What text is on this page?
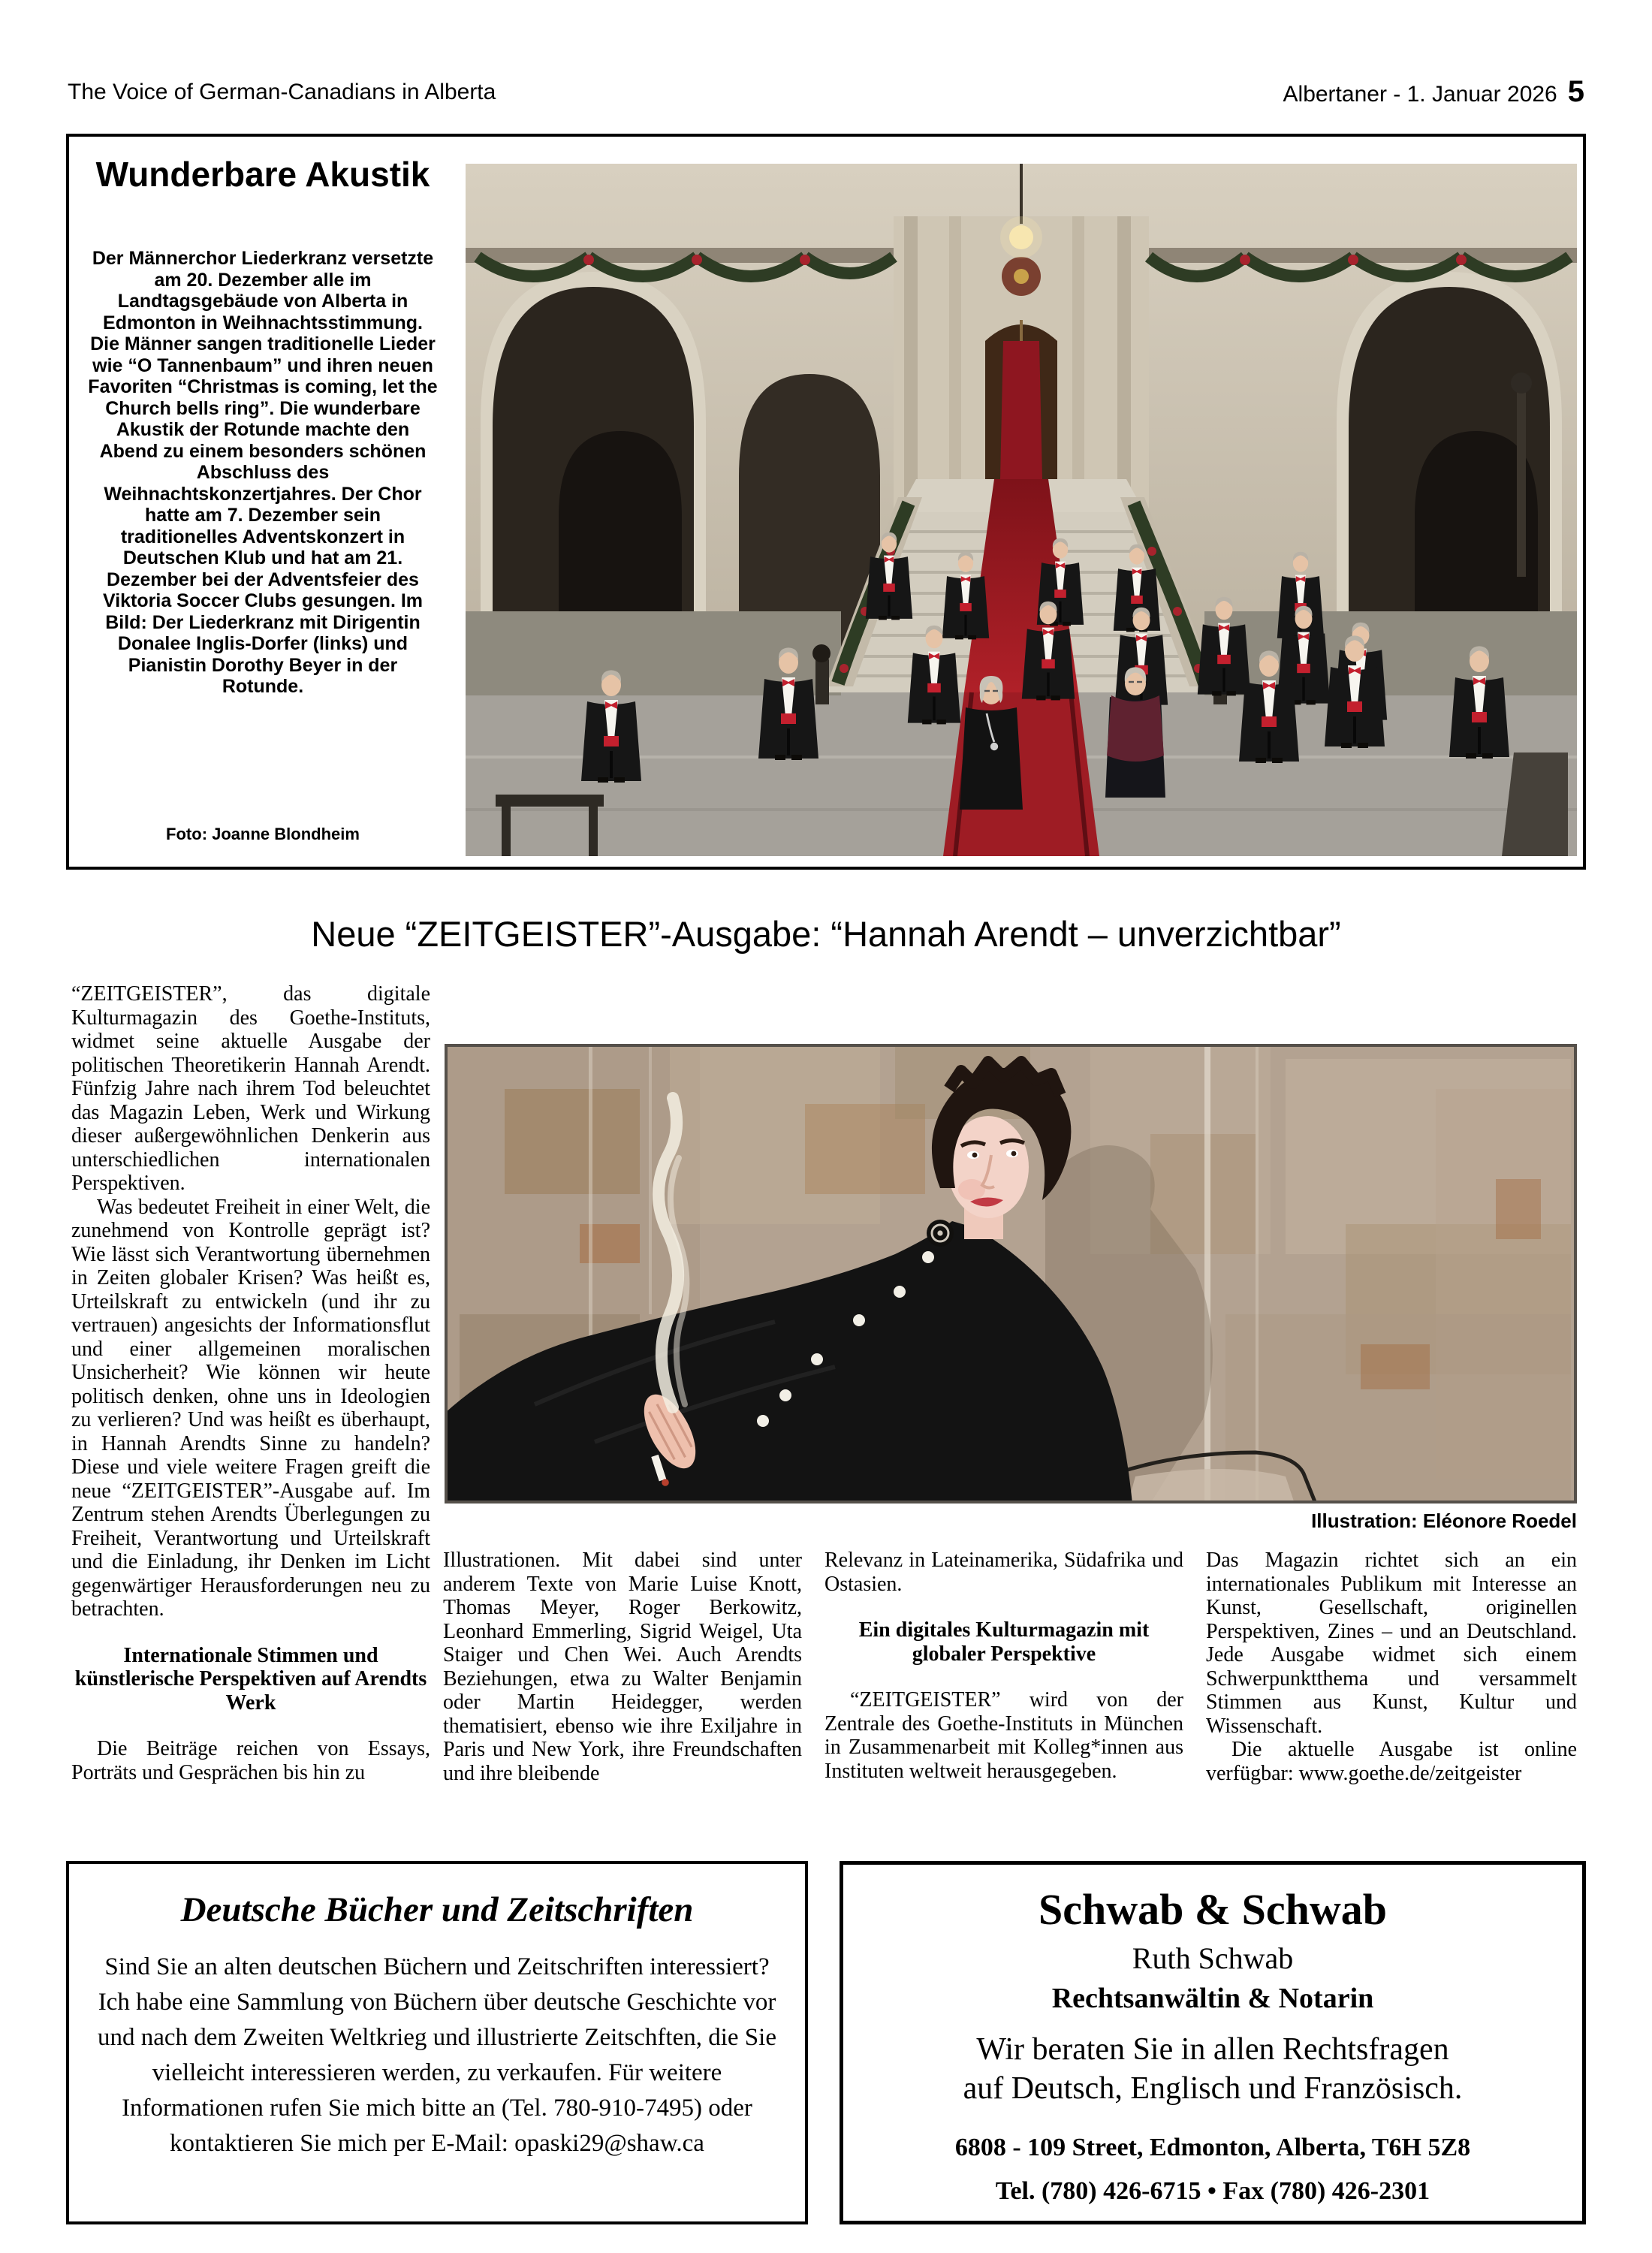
The Voice of German-Canadians in Alberta	Albertaner - 1. Januar 2026 5
Wunderbare Akustik
Der Männerchor Liederkranz versetzte am 20. Dezember alle im Landtagsgebäude von Alberta in Edmonton in Weihnachtsstimmung. Die Männer sangen traditionelle Lieder wie “O Tannenbaum” und ihren neuen Favoriten “Christmas is coming, let the Church bells ring”. Die wunderbare Akustik der Rotunde machte den Abend zu einem besonders schönen Abschluss des Weihnachtskonzertjahres. Der Chor hatte am 7. Dezember sein traditionelles Adventskonzert in Deutschen Klub und hat am 21. Dezember bei der Adventsfeier des Viktoria Soccer Clubs gesungen. Im Bild: Der Liederkranz mit Dirigentin Donalee Inglis-Dorfer (links) und Pianistin Dorothy Beyer in der Rotunde.
Foto: Joanne Blondheim
Neue “ZEITGEISTER”-Ausgabe: “Hannah Arendt – unverzichtbar”

“ZEITGEISTER”, das digitale Kulturmagazin des Goethe-Instituts, widmet seine aktuelle Ausgabe der politischen Theoretikerin Hannah Arendt. Fünfzig Jahre nach ihrem Tod beleuchtet das Magazin Leben, Werk und Wirkung dieser außergewöhnlichen Denkerin aus unterschiedlichen internationalen Perspektiven.

Was bedeutet Freiheit in einer Welt, die zunehmend von Kontrolle geprägt ist? Wie lässt sich Verantwortung übernehmen in Zeiten globaler Krisen? Was heißt es, Urteilskraft zu entwickeln (und ihr zu vertrauen) angesichts der Informationsflut und einer allgemeinen moralischen Unsicherheit? Wie können wir heute politisch denken, ohne uns in Ideologien zu verlieren? Und was heißt es überhaupt, in Hannah Arendts Sinne zu handeln? Diese und viele weitere Fragen greift die neue “ZEITGEISTER”-Ausgabe auf. Im Zentrum stehen Arendts Überlegungen zu Freiheit, Verantwortung und Urteilskraft und die Einladung, ihr Denken im Licht gegenwärtiger Herausforderungen neu zu betrachten.

Internationale Stimmen und künstlerische Perspektiven auf Arendts Werk

Die Beiträge reichen von Essays, Porträts und Gesprächen bis hin zu

Illustration: Eléonore Roedel

Illustrationen. Mit dabei sind unter anderem Texte von Marie Luise Knott, Thomas Meyer, Roger Berkowitz, Leonhard Emmerling, Sigrid Weigel, Uta Staiger und Chen Wei. Auch Arendts Beziehungen, etwa zu Walter Benjamin oder Martin Heidegger, werden thematisiert, ebenso wie ihre Exiljahre in Paris und New York, ihre Freundschaften und ihre bleibende

Relevanz in Lateinamerika, Südafrika und Ostasien.

Ein digitales Kulturmagazin mit globaler Perspektive

“ZEITGEISTER” wird von der Zentrale des Goethe-Instituts in München in Zusammenarbeit mit Kolleg*innen aus Instituten weltweit herausgegeben.

Das Magazin richtet sich an ein internationales Publikum mit Interesse an Kunst, Gesellschaft, originellen Perspektiven, Zines – und an Deutschland. Jede Ausgabe widmet sich einem Schwerpunktthema und versammelt Stimmen aus Kunst, Kultur und Wissenschaft.

Die aktuelle Ausgabe ist online verfügbar: www.goethe.de/zeitgeister

Deutsche Bücher und Zeitschriften
Sind Sie an alten deutschen Büchern und Zeitschriften interessiert? Ich habe eine Sammlung von Büchern über deutsche Geschichte vor und nach dem Zweiten Weltkrieg und illustrierte Zeitschften, die Sie vielleicht interessieren werden, zu verkaufen. Für weitere Informationen rufen Sie mich bitte an (Tel. 780-910-7495) oder kontaktieren Sie mich per E-Mail: opaski29@shaw.ca
Schwab & Schwab
Ruth Schwab
Rechtsanwältin & Notarin
Wir beraten Sie in allen Rechtsfragen
auf Deutsch, Englisch und Französisch.
6808 - 109 Street, Edmonton, Alberta, T6H 5Z8
Tel. (780) 426-6715 • Fax (780) 426-2301
